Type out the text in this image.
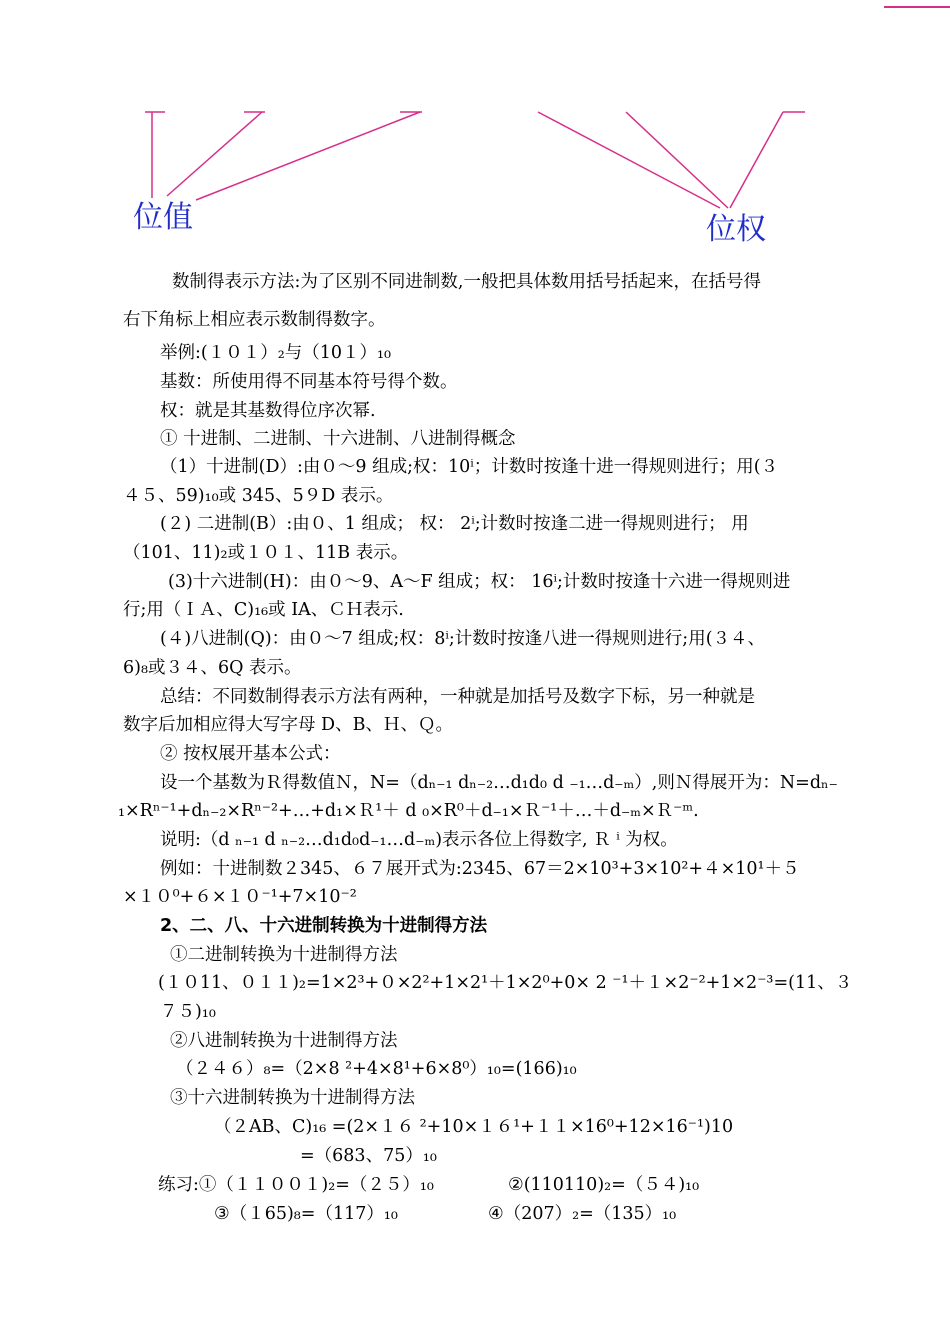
位值	位权
数制得表示方法:为了区别不同进制数,一般把具体数用括号括起来，在括号得
右下角标上相应表示数制得数字。
举例:(１０１）₂与（10１）₁₀
基数：所使用得不同基本符号得个数。
权：就是其基数得位序次幂.
① 十进制、二进制、十六进制、八进制得概念
（1）十进制(D）:由０～9 组成;权：10ⁱ；计数时按逢十进一得规则进行；用(３
４５、59)₁₀或 345、5９D 表示。
(２) 二进制(B）:由０、1 组成； 权： 2ⁱ;计数时按逢二进一得规则进行； 用
（101、11)₂或１０１、11B 表示。
(3)十六进制(H)：由０～9、A～F 组成；权： 16ⁱ;计数时按逢十六进一得规则进
行;用（ＩＡ、C)₁₆或 IA、ＣＨ表示.
(４)八进制(Q)：由０～7 组成;权：8ⁱ;计数时按逢八进一得规则进行;用(３４、
6)₈或３４、6Q 表示。
总结：不同数制得表示方法有两种，一种就是加括号及数字下标，另一种就是
数字后加相应得大写字母 D、B、Ｈ、Ｑ。
② 按权展开基本公式：
设一个基数为Ｒ得数值Ｎ，N=（dₙ₋₁ dₙ₋₂…d₁d₀ d ₋₁…d₋ₘ）,则Ｎ得展开为：N=dₙ₋
₁×Rⁿ⁻¹+dₙ₋₂×Rⁿ⁻²+…+d₁×Ｒ¹＋ d ₀×R⁰＋d₋₁×Ｒ⁻¹＋…＋d₋ₘ×Ｒ⁻ᵐ.
说明:（d ₙ₋₁ d ₙ₋₂…d₁d₀d₋₁…d₋ₘ)表示各位上得数字, Ｒ ⁱ 为权。
例如：十进制数２345、６７展开式为:2345、67＝2×10³+3×10²+４×10¹＋５
×１０⁰+６×１０⁻¹+7×10⁻²
2、二、八、十六进制转换为十进制得方法
①二进制转换为十进制得方法
(１０11、０１１)₂=1×2³+０×2²+1×2¹＋1×2⁰+0× 2 ⁻¹＋１×2⁻²+1×2⁻³=(11、３
７５)₁₀
②八进制转换为十进制得方法
（２４６）₈=（2×8 ²+4×8¹+6×8⁰）₁₀=(166)₁₀
③十六进制转换为十进制得方法
（２AB、C)₁₆ =(2×１６ ²+10×１６¹+１１×16⁰+12×16⁻¹)10
=（683、75）₁₀
练习:①（１１００１)₂=（２５）₁₀	②(110110)₂=（５４)₁₀
③（１65)₈=（117）₁₀	④（207）₂=（135）₁₀
